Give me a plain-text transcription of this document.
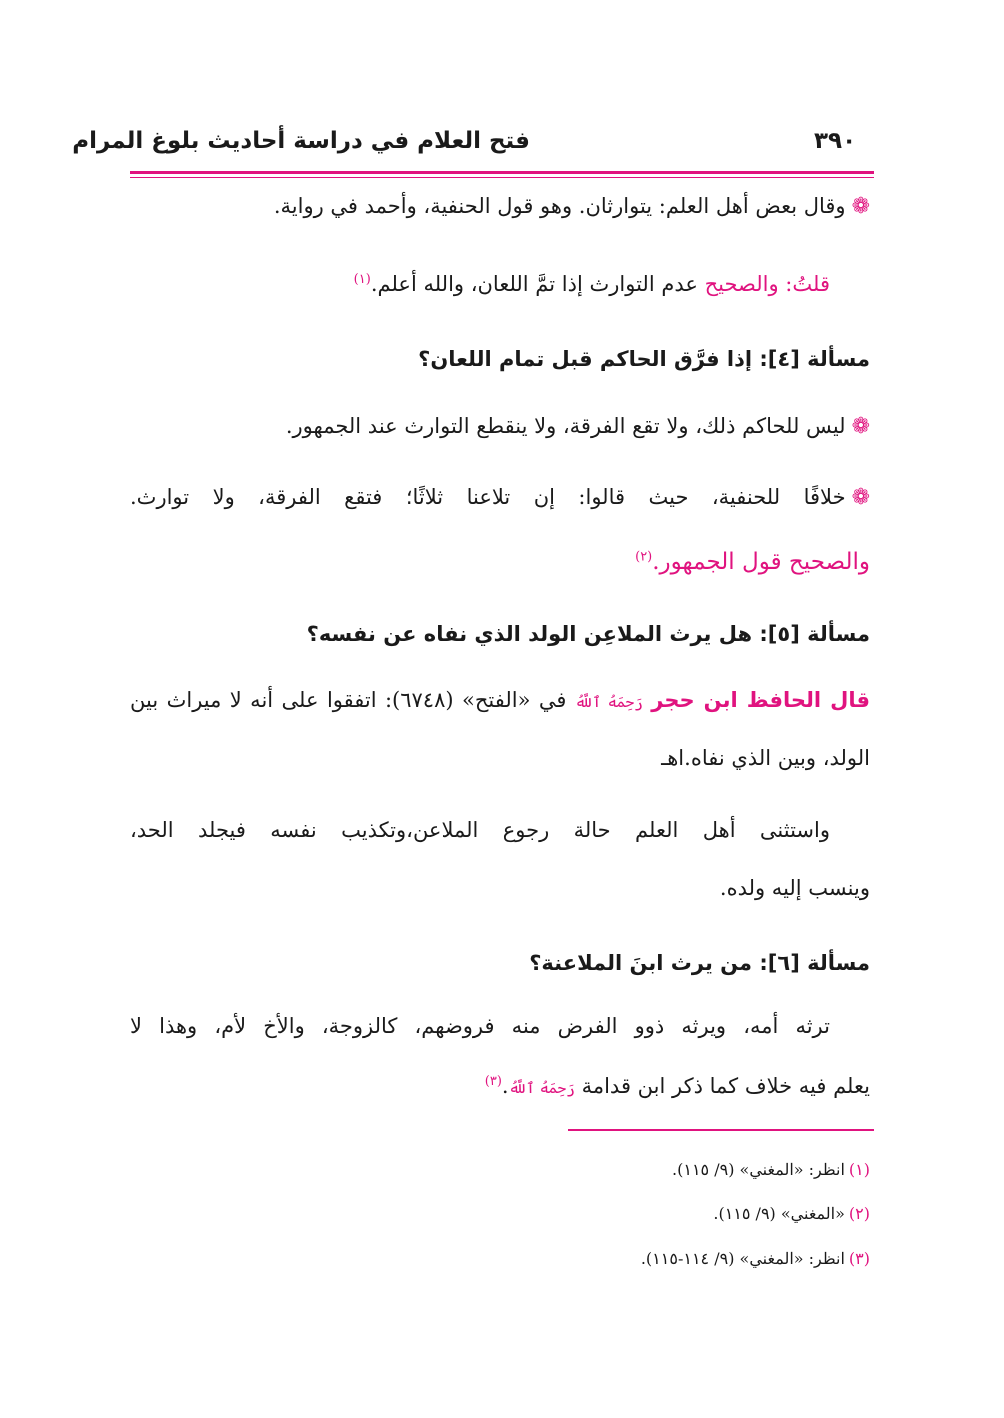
فتح العلام في دراسة أحاديث بلوغ المرام	٣٩٠
❁وقال بعض أهل العلم: يتوارثان. وهو قول الحنفية، وأحمد في رواية.
قلتُ: والصحيح عدم التوارث إذا تمَّ اللعان، والله أعلم.$^{(١)}$
مسألة [٤]: إذا فرَّق الحاكم قبل تمام اللعان؟
❁ليس للحاكم ذلك، ولا تقع الفرقة، ولا ينقطع التوارث عند الجمهور.
❁خلافًا للحنفية، حيث قالوا: إن تلاعنا ثلاثًا؛ فتقع الفرقة، ولا توارث.
والصحيح قول الجمهور.$^{(٢)}$
مسألة [٥]: هل يرث الملاعِن الولد الذي نفاه عن نفسه؟
قال الحافظ ابن حجر رَحِمَهُ ٱللَّهُ في «الفتح» (٦٧٤٨): اتفقوا على أنه لا ميراث بين
الولد، وبين الذي نفاه.اهـ
واستثنى أهل العلم حالة رجوع الملاعن،وتكذيب نفسه فيجلد الحد،
وينسب إليه ولده.
مسألة [٦]: من يرث ابنَ الملاعنة؟
ترثه أمه، ويرثه ذوو الفرض منه فروضهم، كالزوجة، والأخ لأم، وهذا لا
يعلم فيه خلاف كما ذكر ابن قدامة رَحِمَهُ ٱللَّهُ.$^{(٣)}$
(١)انظر: «المغني» (٩/ ١١٥).
(٢)«المغني» (٩/ ١١٥).
(٣)انظر: «المغني» (٩/ ١١٤-١١٥).
